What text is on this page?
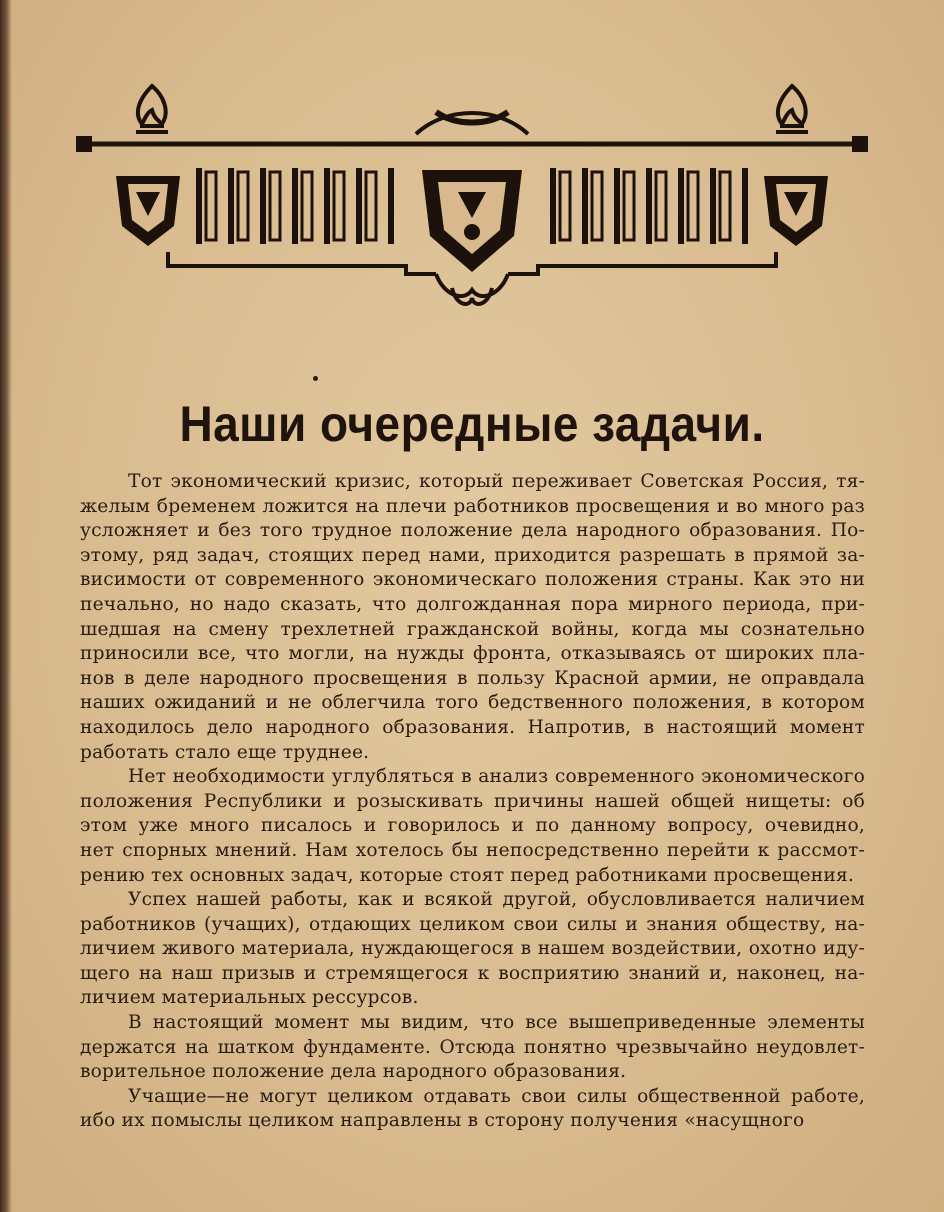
Наши очередные задачи.
Тот экономический кризис, который переживает Советская Россия, тя-
желым бременем ложится на плечи работников просвещения и во много раз
усложняет и без того трудное положение дела народного образования. По-
этому, ряд задач, стоящих перед нами, приходится разрешать в прямой за-
висимости от современного экономическаго положения страны. Как это ни
печально, но надо сказать, что долгожданная пора мирного периода, при-
шедшая на смену трехлетней гражданской войны, когда мы сознательно
приносили все, что могли, на нужды фронта, отказываясь от широких пла-
нов в деле народного просвещения в пользу Красной армии, не оправдала
наших ожиданий и не облегчила того бедственного положения, в котором
находилось дело народного образования. Напротив, в настоящий момент
работать стало еще труднее.
Нет необходимости углубляться в анализ современного экономического
положения Республики и розыскивать причины нашей общей нищеты: об
этом уже много писалось и говорилось и по данному вопросу, очевидно,
нет спорных мнений. Нам хотелось бы непосредственно перейти к рассмот-
рению тех основных задач, которые стоят перед работниками просвещения.
Успех нашей работы, как и всякой другой, обусловливается наличием
работников (учащих), отдающих целиком свои силы и знания обществу, на-
личием живого материала, нуждающегося в нашем воздействии, охотно иду-
щего на наш призыв и стремящегося к восприятию знаний и, наконец, на-
личием материальных рессурсов.
В настоящий момент мы видим, что все вышеприведенные элементы
держатся на шатком фундаменте. Отсюда понятно чрезвычайно неудовлет-
ворительное положение дела народного образования.
Учащие—не могут целиком отдавать свои силы общественной работе,
ибо их помыслы целиком направлены в сторону получения «насущного
